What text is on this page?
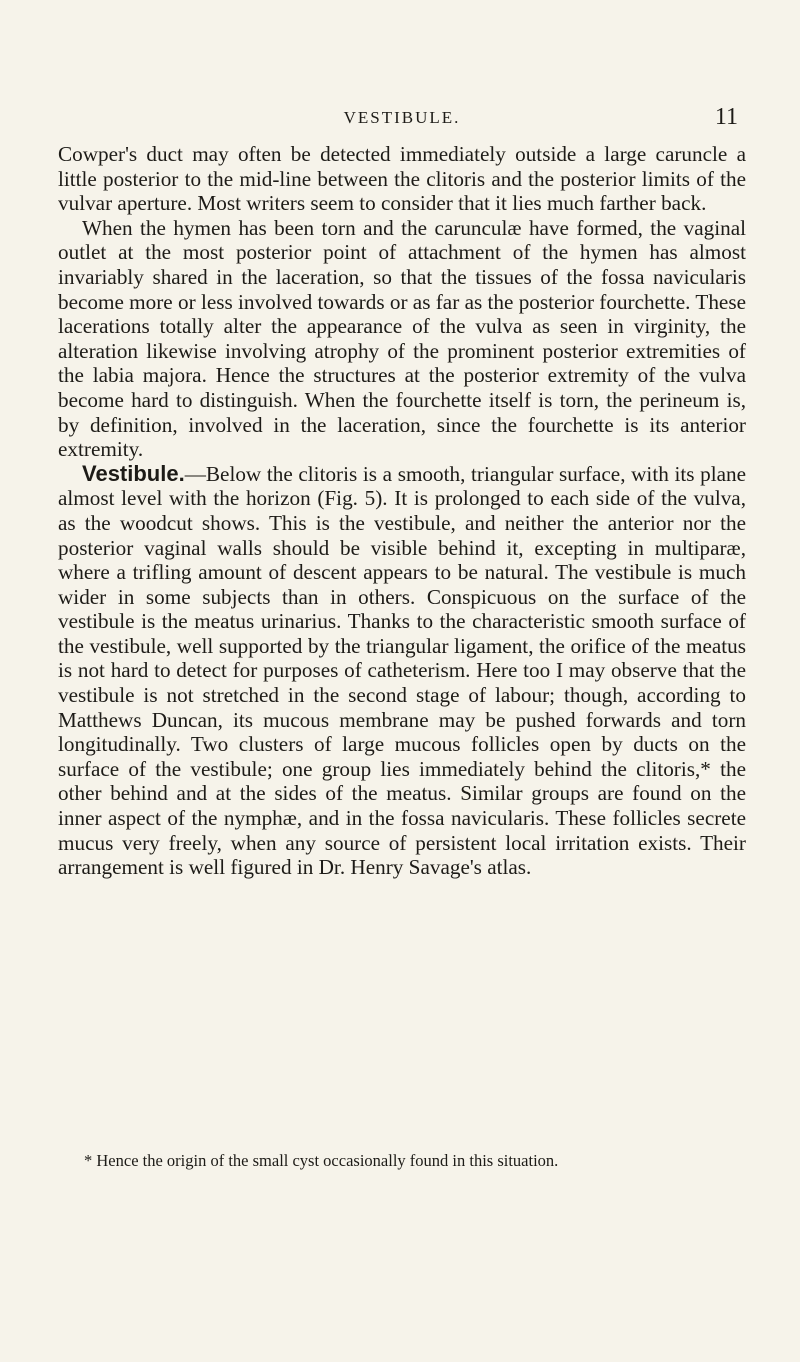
VESTIBULE.	11

Cowper's duct may often be detected immediately outside a large caruncle a little posterior to the mid-line between the clitoris and the posterior limits of the vulvar aperture. Most writers seem to consider that it lies much farther back.

When the hymen has been torn and the carunculæ have formed, the vaginal outlet at the most posterior point of attachment of the hymen has almost invariably shared in the laceration, so that the tissues of the fossa navicularis become more or less involved towards or as far as the posterior fourchette. These lacerations totally alter the appearance of the vulva as seen in virginity, the alteration likewise involving atrophy of the prominent posterior extremities of the labia majora. Hence the structures at the posterior extremity of the vulva become hard to distinguish. When the fourchette itself is torn, the perineum is, by definition, involved in the laceration, since the fourchette is its anterior extremity.

Vestibule.—Below the clitoris is a smooth, triangular surface, with its plane almost level with the horizon (Fig. 5). It is prolonged to each side of the vulva, as the woodcut shows. This is the vestibule, and neither the anterior nor the posterior vaginal walls should be visible behind it, excepting in multiparæ, where a trifling amount of descent appears to be natural. The vestibule is much wider in some subjects than in others. Conspicuous on the surface of the vestibule is the meatus urinarius. Thanks to the characteristic smooth surface of the vestibule, well supported by the triangular ligament, the orifice of the meatus is not hard to detect for purposes of catheterism. Here too I may observe that the vestibule is not stretched in the second stage of labour; though, according to Matthews Duncan, its mucous membrane may be pushed forwards and torn longitudinally. Two clusters of large mucous follicles open by ducts on the surface of the vestibule; one group lies immediately behind the clitoris,* the other behind and at the sides of the meatus. Similar groups are found on the inner aspect of the nymphæ, and in the fossa navicularis. These follicles secrete mucus very freely, when any source of persistent local irritation exists. Their arrangement is well figured in Dr. Henry Savage's atlas.

* Hence the origin of the small cyst occasionally found in this situation.
